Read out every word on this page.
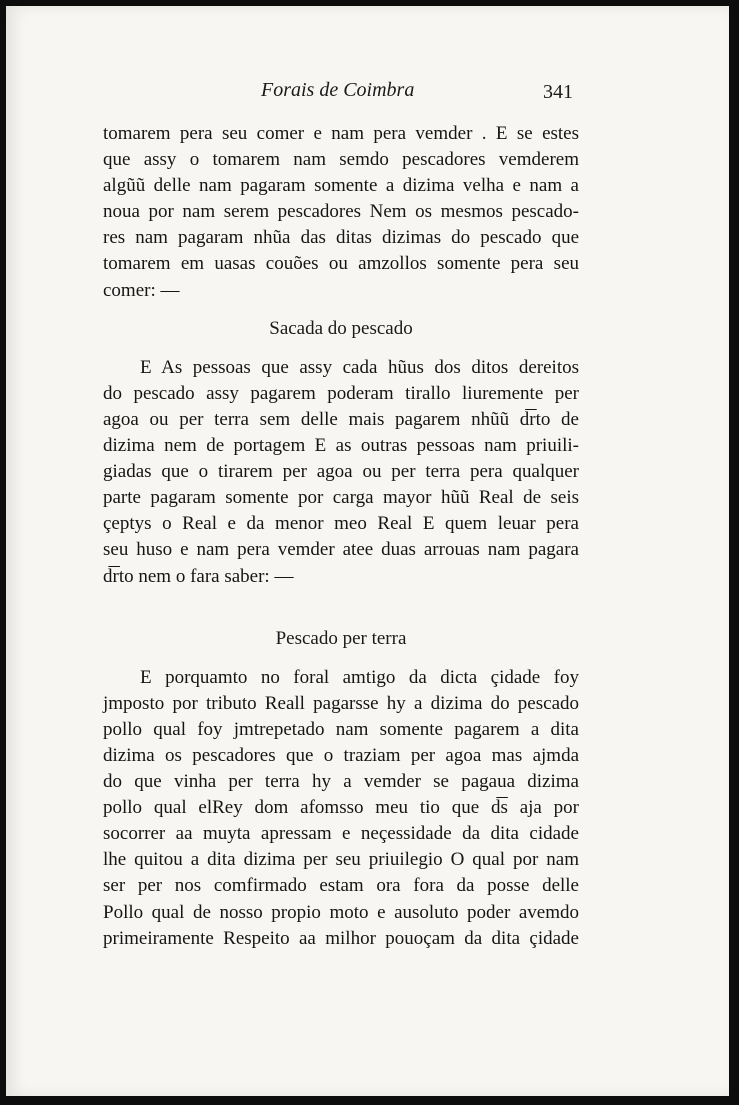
Forais de Coimbra	341
tomarem pera seu comer e nam pera vemder . E se estes
que assy o tomarem nam semdo pescadores vemderem
algũũ delle nam pagaram somente a dizima velha e nam a
noua por nam serem pescadores Nem os mesmos pescado-
res nam pagaram nhũa das ditas dizimas do pescado que
tomarem em uasas couões ou amzollos somente pera seu
comer: —

Sacada do pescado

E As pessoas que assy cada hũus dos ditos dereitos
do pescado assy pagarem poderam tirallo liuremente per
agoa ou per terra sem delle mais pagarem nhũũ d͞rto de
dizima nem de portagem E as outras pessoas nam priuili-
giadas que o tirarem per agoa ou per terra pera qualquer
parte pagaram somente por carga mayor hũũ Real de seis
çeptys o Real e da menor meo Real E quem leuar pera
seu huso e nam pera vemder atee duas arrouas nam pagara
d͞rto nem o fara saber: —

Pescado per terra

E porquamto no foral amtigo da dicta çidade foy
jmposto por tributo Reall pagarsse hy a dizima do pescado
pollo qual foy jmtrepetado nam somente pagarem a dita
dizima os pescadores que o traziam per agoa mas ajmda
do que vinha per terra hy a vemder se pagaua dizima
pollo qual elRey dom afomsso meu tio que d͞s aja por
socorrer aa muyta apressam e neçessidade da dita cidade
lhe quitou a dita dizima per seu priuilegio O qual por nam
ser per nos comfirmado estam ora fora da posse delle
Pollo qual de nosso propio moto e ausoluto poder avemdo
primeiramente Respeito aa milhor pouoçam da dita çidade
